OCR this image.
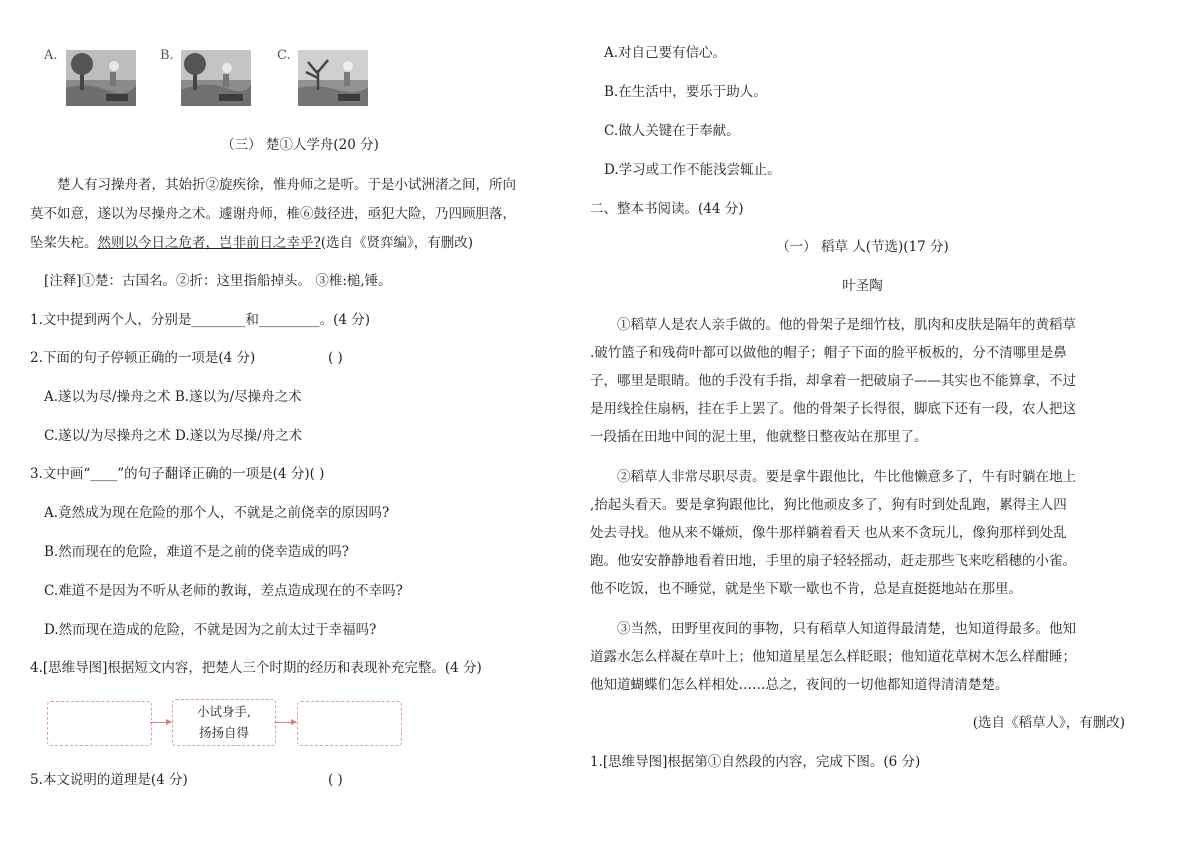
A.	B.	C.
（三） 楚①人学舟(20 分)
楚人有习操舟者，其始折②旋疾徐，惟舟师之是听。于是小试洲渚之间，所向
莫不如意，遂以为尽操舟之术。遽谢舟师，椎⑥鼓径进，亟犯大险，乃四顾胆落，
坠桨失柁。然则以今日之危者，岂非前日之幸乎?(选自《贤弈编》，有删改)
[注释]①楚：古国名。②折：这里指船掉头。 ③椎:槌,锤。
1.文中提到两个人，分别是________和_________。(4 分)
2.下面的句子停顿正确的一项是(4 分)	( )
A.遂以为尽/操舟之术 B.遂以为/尽操舟之术
C.遂以/为尽操舟之术 D.遂以为尽操/舟之术
3.文中画“____”的句子翻译正确的一项是(4 分)( )
A.竟然成为现在危险的那个人，不就是之前侥幸的原因吗?
B.然而现在的危险，难道不是之前的侥幸造成的吗?
C.难道不是因为不听从老师的教诲，差点造成现在的不幸吗?
D.然而现在造成的危险，不就是因为之前太过于幸福吗?
4.[思维导图]根据短文内容，把楚人三个时期的经历和表现补充完整。(4 分)
小试身手,
扬扬自得
5.本文说明的道理是(4 分)	( )
A.对自己要有信心。
B.在生活中，要乐于助人。
C.做人关键在于奉献。
D.学习或工作不能浅尝辄止。
二、整本书阅读。(44 分)
（一） 稻草 人(节选)(17 分)
叶圣陶
①稻草人是农人亲手做的。他的骨架子是细竹枝，肌肉和皮肤是隔年的黄稻草
.破竹篮子和残荷叶都可以做他的帽子；帽子下面的脸平板板的，分不清哪里是鼻
子，哪里是眼睛。他的手没有手指，却拿着一把破扇子——其实也不能算拿，不过
是用线拴住扇柄，挂在手上罢了。他的骨架子长得很，脚底下还有一段，农人把这
一段插在田地中间的泥土里，他就整日整夜站在那里了。
②稻草人非常尽职尽责。要是拿牛跟他比，牛比他懒意多了，牛有时躺在地上
,抬起头看天。要是拿狗跟他比，狗比他顽皮多了，狗有时到处乱跑，累得主人四
处去寻找。他从来不嫌烦，像牛那样躺着看天 也从来不贪玩儿，像狗那样到处乱
跑。他安安静静地看着田地，手里的扇子轻轻摇动，赶走那些飞来吃稻穗的小雀。
他不吃饭，也不睡觉，就是坐下歇一歇也不肯，总是直挺挺地站在那里。
③当然，田野里夜间的事物，只有稻草人知道得最清楚，也知道得最多。他知
道露水怎么样凝在草叶上；他知道星星怎么样眨眼；他知道花草树木怎么样酣睡；
他知道蝴蝶们怎么样相处……总之，夜间的一切他都知道得清清楚楚。
(选自《稻草人》，有删改)
1.[思维导图]根据第①自然段的内容，完成下图。(6 分)
